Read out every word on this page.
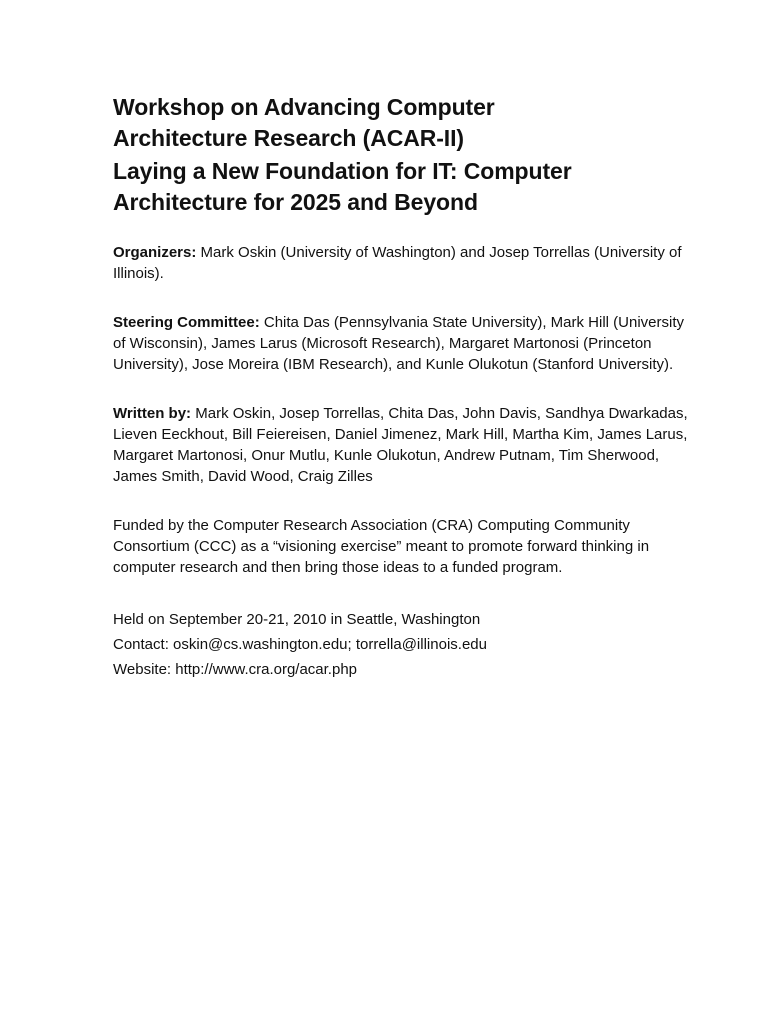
Workshop on Advancing Computer
Architecture Research (ACAR-II)
Laying a New Foundation for IT: Computer
Architecture for 2025 and Beyond

Organizers: Mark Oskin (University of Washington) and Josep Torrellas (University of Illinois).

Steering Committee: Chita Das (Pennsylvania State University), Mark Hill (University of Wisconsin), James Larus (Microsoft Research), Margaret Martonosi (Princeton University), Jose Moreira (IBM Research), and Kunle Olukotun (Stanford University).

Written by: Mark Oskin, Josep Torrellas, Chita Das, John Davis, Sandhya Dwarkadas, Lieven Eeckhout, Bill Feiereisen, Daniel Jimenez, Mark Hill, Martha Kim, James Larus, Margaret Martonosi, Onur Mutlu, Kunle Olukotun, Andrew Putnam, Tim Sherwood, James Smith, David Wood, Craig Zilles

Funded by the Computer Research Association (CRA) Computing Community Consortium (CCC) as a “visioning exercise” meant to promote forward thinking in computer research and then bring those ideas to a funded program.

Held on September 20-21, 2010 in Seattle, Washington

Contact: oskin@cs.washington.edu; torrella@illinois.edu

Website: http://www.cra.org/acar.php
